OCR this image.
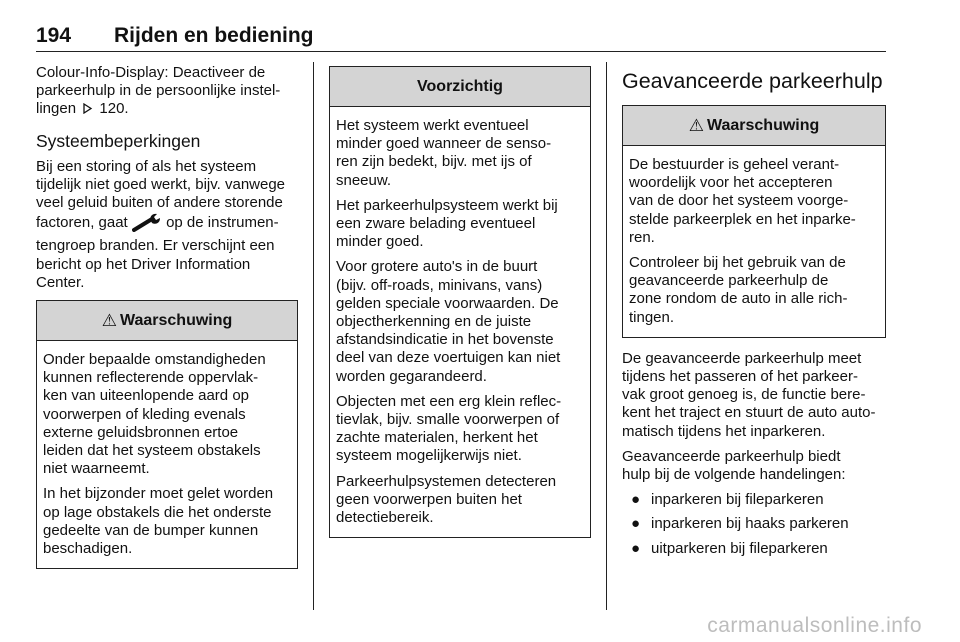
194 Rijden en bediening

Colour-Info-Display: Deactiveer de
parkeerhulp in de persoonlijke instel-
lingen 120.

Systeembeperkingen

Bij een storing of als het systeem
tijdelijk niet goed werkt, bijv. vanwege
veel geluid buiten of andere storende
factoren, gaat	op de instrumen-
tengroep branden. Er verschijnt een
bericht op het Driver Information
Center.

⚠ Waarschuwing

Onder bepaalde omstandigheden
kunnen reflecterende oppervlak-
ken van uiteenlopende aard op
voorwerpen of kleding evenals
externe geluidsbronnen ertoe
leiden dat het systeem obstakels
niet waarneemt.

In het bijzonder moet gelet worden
op lage obstakels die het onderste
gedeelte van de bumper kunnen
beschadigen.

Voorzichtig

Het systeem werkt eventueel
minder goed wanneer de senso-
ren zijn bedekt, bijv. met ijs of
sneeuw.

Het parkeerhulpsysteem werkt bij
een zware belading eventueel
minder goed.

Voor grotere auto's in de buurt
(bijv. off-roads, minivans, vans)
gelden speciale voorwaarden. De
objectherkenning en de juiste
afstandsindicatie in het bovenste
deel van deze voertuigen kan niet
worden gegarandeerd.

Objecten met een erg klein reflec-
tievlak, bijv. smalle voorwerpen of
zachte materialen, herkent het
systeem mogelijkerwijs niet.

Parkeerhulpsystemen detecteren
geen voorwerpen buiten het
detectiebereik.

Geavanceerde parkeerhulp
⚠ Waarschuwing

De bestuurder is geheel verant-
woordelijk voor het accepteren
van de door het systeem voorge-
stelde parkeerplek en het inparke-
ren.

Controleer bij het gebruik van de
geavanceerde parkeerhulp de
zone rondom de auto in alle rich-
tingen.

De geavanceerde parkeerhulp meet
tijdens het passeren of het parkeer-
vak groot genoeg is, de functie bere-
kent het traject en stuurt de auto auto-
matisch tijdens het inparkeren.

Geavanceerde parkeerhulp biedt
hulp bij de volgende handelingen:

● inparkeren bij fileparkeren
● inparkeren bij haaks parkeren
● uitparkeren bij fileparkeren
carmanualsonline.info
